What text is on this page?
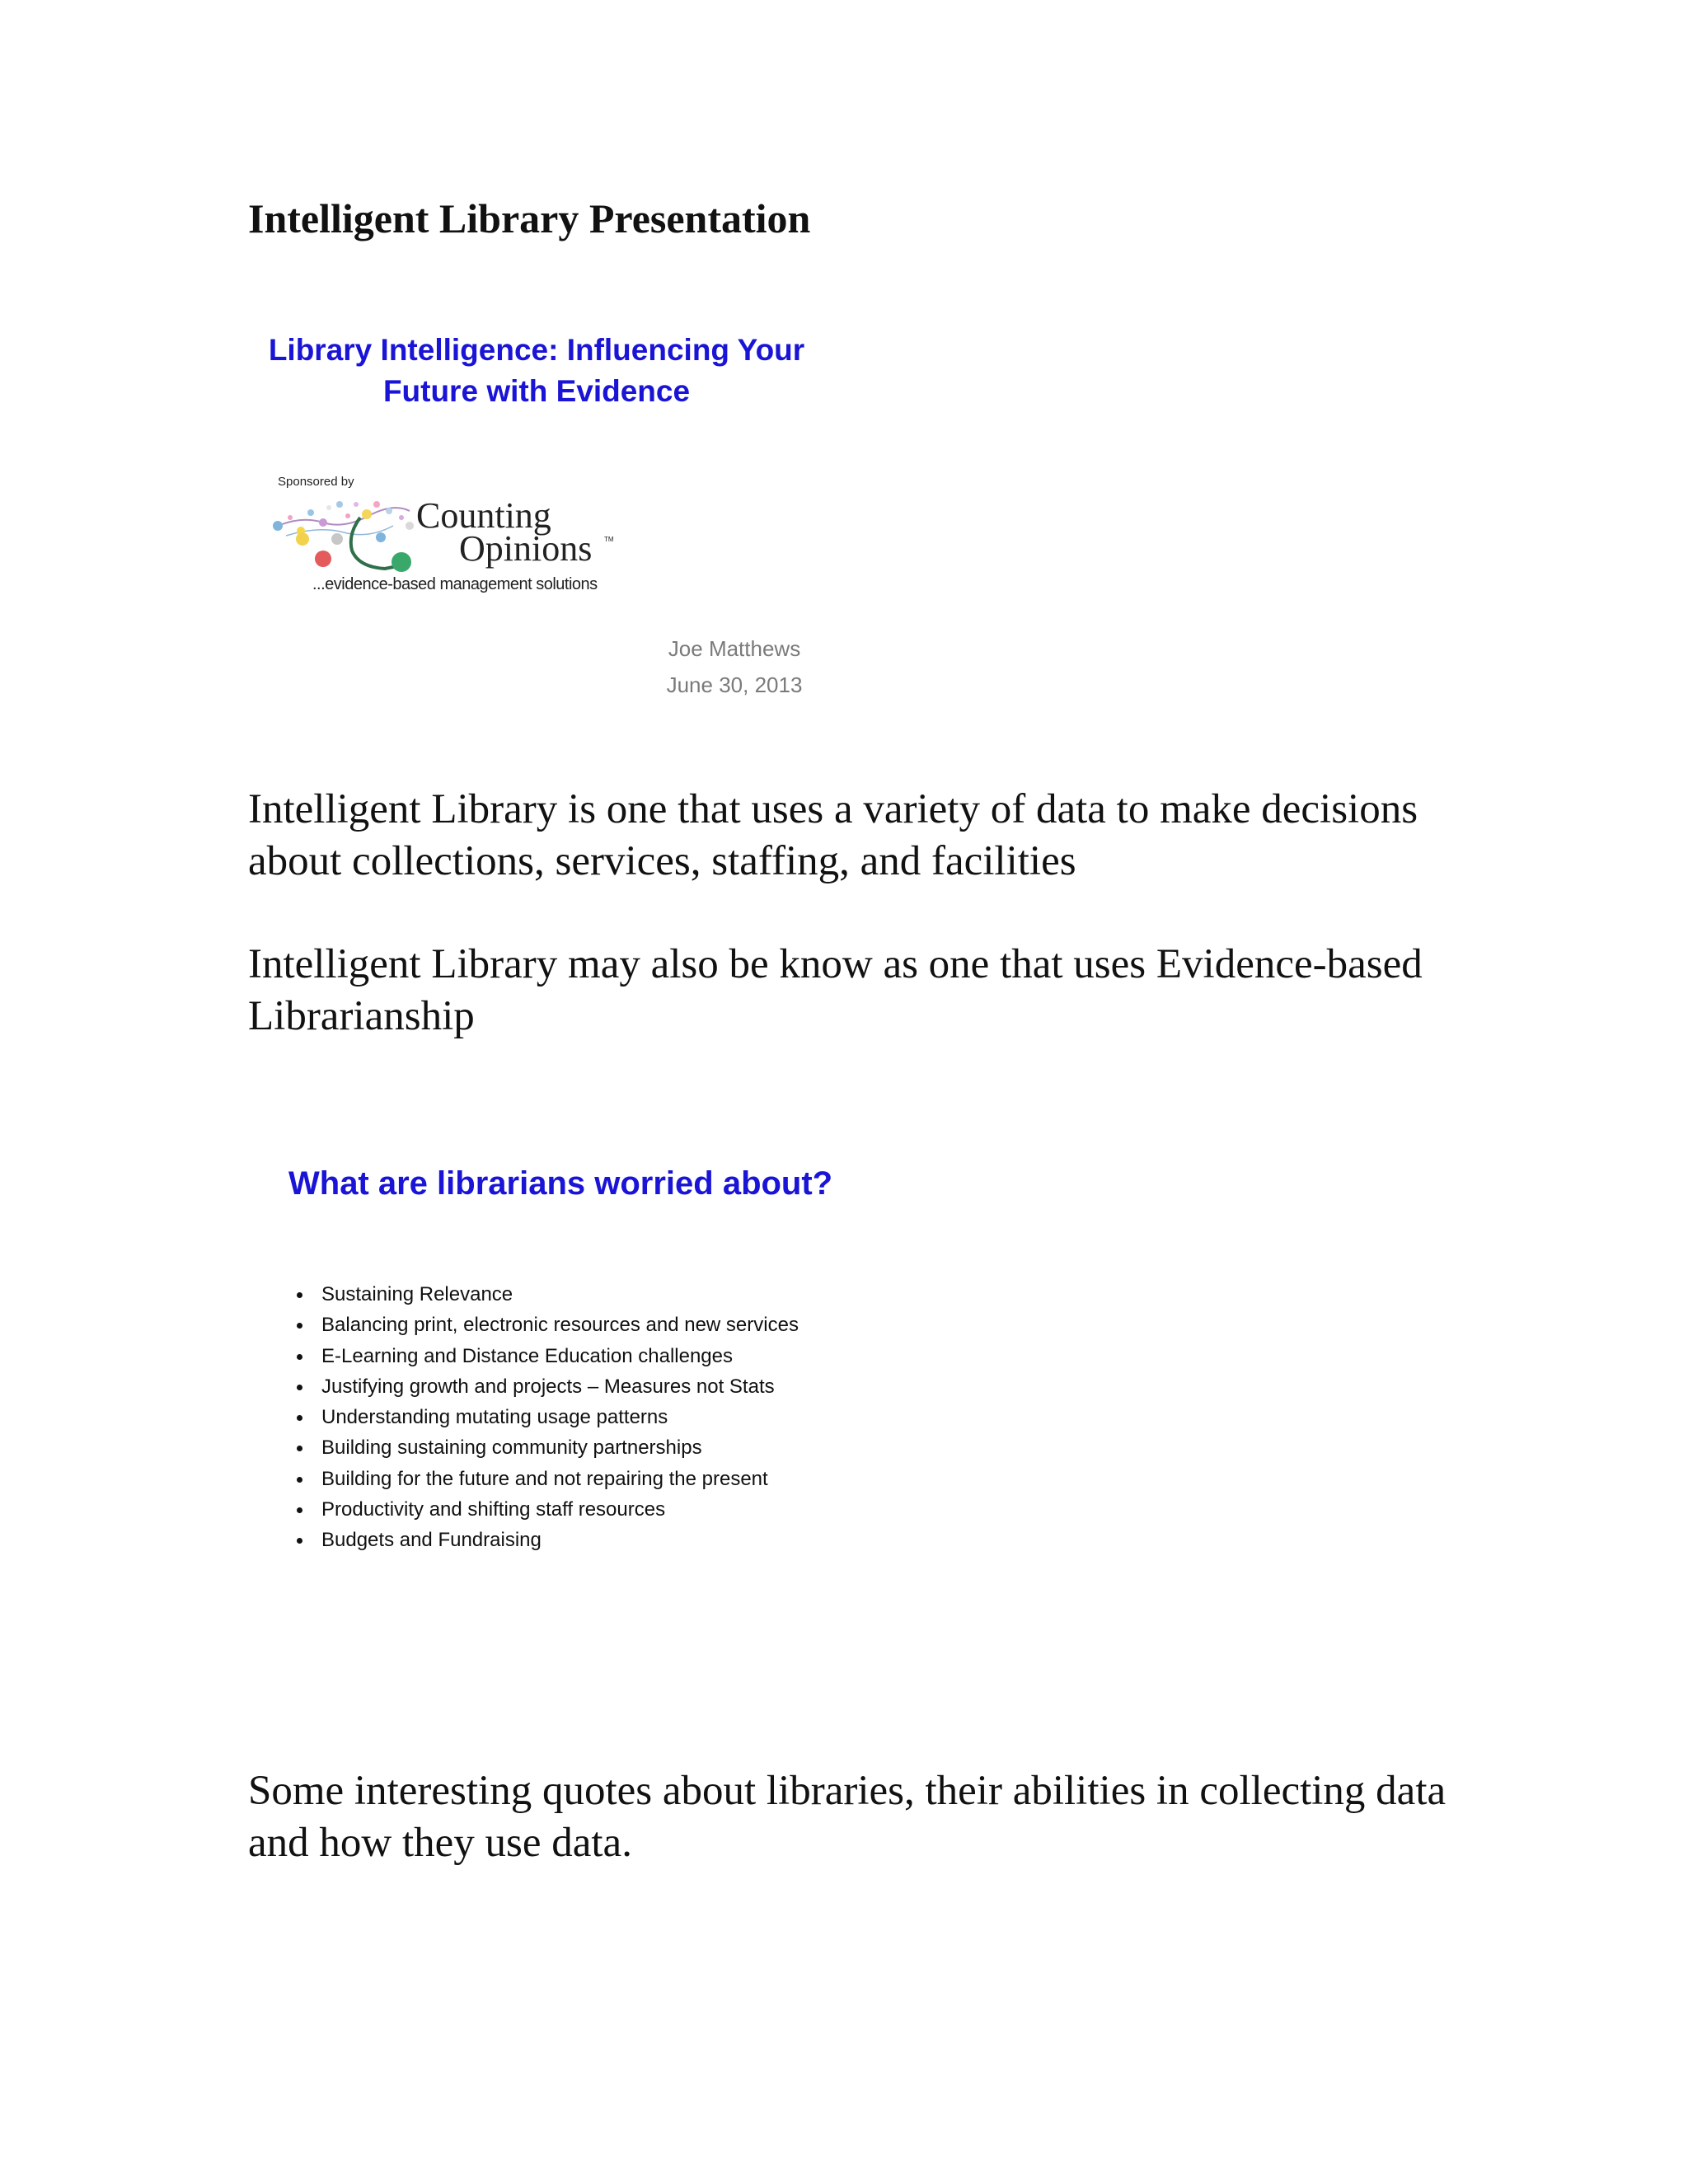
Intelligent Library Presentation
Library Intelligence: Influencing Your Future with Evidence
Sponsored by
Counting
Opinions TM
...evidence-based management solutions
Joe Matthews
June 30, 2013

Intelligent Library is one that uses a variety of data to make decisions about collections, services, staffing, and facilities

Intelligent Library may also be know as one that uses Evidence-based Librarianship

What are librarians worried about?
Sustaining Relevance
Balancing print, electronic resources and new services
E-Learning and Distance Education challenges
Justifying growth and projects – Measures not Stats
Understanding mutating usage patterns
Building sustaining community partnerships
Building for the future and not repairing the present
Productivity and shifting staff resources
Budgets and Fundraising

Some interesting quotes about libraries, their abilities in collecting data and how they use data.
